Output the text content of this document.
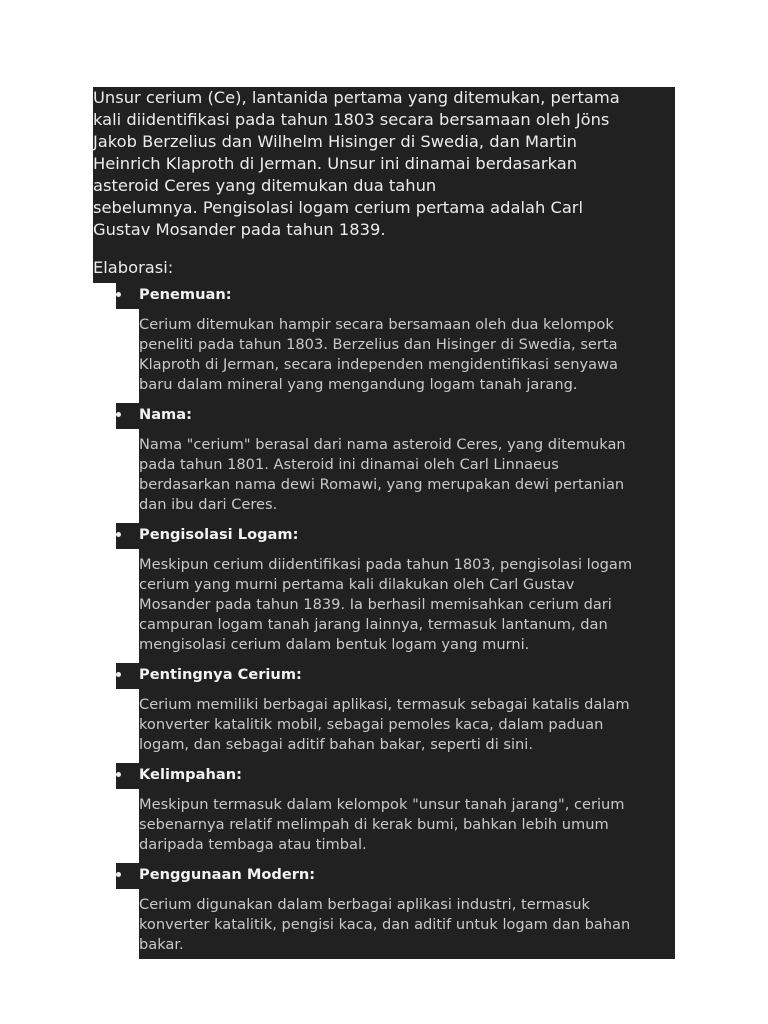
Unsur cerium (Ce), lantanida pertama yang ditemukan, pertama
kali diidentifikasi pada tahun 1803 secara bersamaan oleh Jöns
Jakob Berzelius dan Wilhelm Hisinger di Swedia, dan Martin
Heinrich Klaproth di Jerman. Unsur ini dinamai berdasarkan
asteroid Ceres yang ditemukan dua tahun
sebelumnya. Pengisolasi logam cerium pertama adalah Carl
Gustav Mosander pada tahun 1839.

Elaborasi:

Penemuan:

Cerium ditemukan hampir secara bersamaan oleh dua kelompok
peneliti pada tahun 1803. Berzelius dan Hisinger di Swedia, serta
Klaproth di Jerman, secara independen mengidentifikasi senyawa
baru dalam mineral yang mengandung logam tanah jarang.

Nama:

Nama "cerium" berasal dari nama asteroid Ceres, yang ditemukan
pada tahun 1801. Asteroid ini dinamai oleh Carl Linnaeus
berdasarkan nama dewi Romawi, yang merupakan dewi pertanian
dan ibu dari Ceres.

Pengisolasi Logam:

Meskipun cerium diidentifikasi pada tahun 1803, pengisolasi logam
cerium yang murni pertama kali dilakukan oleh Carl Gustav
Mosander pada tahun 1839. Ia berhasil memisahkan cerium dari
campuran logam tanah jarang lainnya, termasuk lantanum, dan
mengisolasi cerium dalam bentuk logam yang murni.

Pentingnya Cerium:

Cerium memiliki berbagai aplikasi, termasuk sebagai katalis dalam
konverter katalitik mobil, sebagai pemoles kaca, dalam paduan
logam, dan sebagai aditif bahan bakar, seperti di sini.

Kelimpahan:

Meskipun termasuk dalam kelompok "unsur tanah jarang", cerium
sebenarnya relatif melimpah di kerak bumi, bahkan lebih umum
daripada tembaga atau timbal.

Penggunaan Modern:

Cerium digunakan dalam berbagai aplikasi industri, termasuk
konverter katalitik, pengisi kaca, dan aditif untuk logam dan bahan
bakar.
